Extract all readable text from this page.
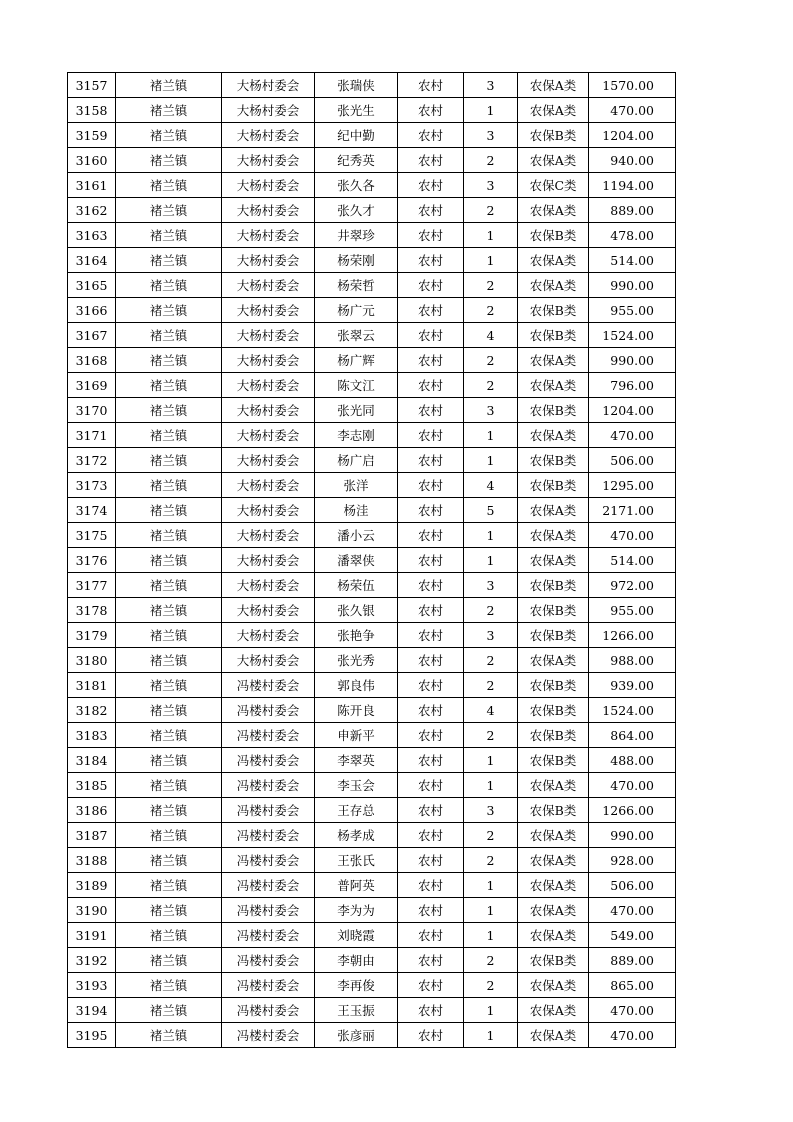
3157	褚兰镇	大杨村委会	张瑞侠	农村	3	农保A类	1570.00
3158	褚兰镇	大杨村委会	张光生	农村	1	农保A类	470.00
3159	褚兰镇	大杨村委会	纪中勤	农村	3	农保B类	1204.00
3160	褚兰镇	大杨村委会	纪秀英	农村	2	农保A类	940.00
3161	褚兰镇	大杨村委会	张久各	农村	3	农保C类	1194.00
3162	褚兰镇	大杨村委会	张久才	农村	2	农保A类	889.00
3163	褚兰镇	大杨村委会	井翠珍	农村	1	农保B类	478.00
3164	褚兰镇	大杨村委会	杨荣刚	农村	1	农保A类	514.00
3165	褚兰镇	大杨村委会	杨荣哲	农村	2	农保A类	990.00
3166	褚兰镇	大杨村委会	杨广元	农村	2	农保B类	955.00
3167	褚兰镇	大杨村委会	张翠云	农村	4	农保B类	1524.00
3168	褚兰镇	大杨村委会	杨广辉	农村	2	农保A类	990.00
3169	褚兰镇	大杨村委会	陈文江	农村	2	农保A类	796.00
3170	褚兰镇	大杨村委会	张光同	农村	3	农保B类	1204.00
3171	褚兰镇	大杨村委会	李志刚	农村	1	农保A类	470.00
3172	褚兰镇	大杨村委会	杨广启	农村	1	农保B类	506.00
3173	褚兰镇	大杨村委会	张洋	农村	4	农保B类	1295.00
3174	褚兰镇	大杨村委会	杨洼	农村	5	农保A类	2171.00
3175	褚兰镇	大杨村委会	潘小云	农村	1	农保A类	470.00
3176	褚兰镇	大杨村委会	潘翠侠	农村	1	农保A类	514.00
3177	褚兰镇	大杨村委会	杨荣伍	农村	3	农保B类	972.00
3178	褚兰镇	大杨村委会	张久银	农村	2	农保B类	955.00
3179	褚兰镇	大杨村委会	张艳争	农村	3	农保B类	1266.00
3180	褚兰镇	大杨村委会	张光秀	农村	2	农保A类	988.00
3181	褚兰镇	冯楼村委会	郭良伟	农村	2	农保B类	939.00
3182	褚兰镇	冯楼村委会	陈开良	农村	4	农保B类	1524.00
3183	褚兰镇	冯楼村委会	申新平	农村	2	农保B类	864.00
3184	褚兰镇	冯楼村委会	李翠英	农村	1	农保B类	488.00
3185	褚兰镇	冯楼村委会	李玉会	农村	1	农保A类	470.00
3186	褚兰镇	冯楼村委会	王存总	农村	3	农保B类	1266.00
3187	褚兰镇	冯楼村委会	杨孝成	农村	2	农保A类	990.00
3188	褚兰镇	冯楼村委会	王张氏	农村	2	农保A类	928.00
3189	褚兰镇	冯楼村委会	普阿英	农村	1	农保A类	506.00
3190	褚兰镇	冯楼村委会	李为为	农村	1	农保A类	470.00
3191	褚兰镇	冯楼村委会	刘晓霞	农村	1	农保A类	549.00
3192	褚兰镇	冯楼村委会	李朝由	农村	2	农保B类	889.00
3193	褚兰镇	冯楼村委会	李再俊	农村	2	农保A类	865.00
3194	褚兰镇	冯楼村委会	王玉振	农村	1	农保A类	470.00
3195	褚兰镇	冯楼村委会	张彦丽	农村	1	农保A类	470.00
